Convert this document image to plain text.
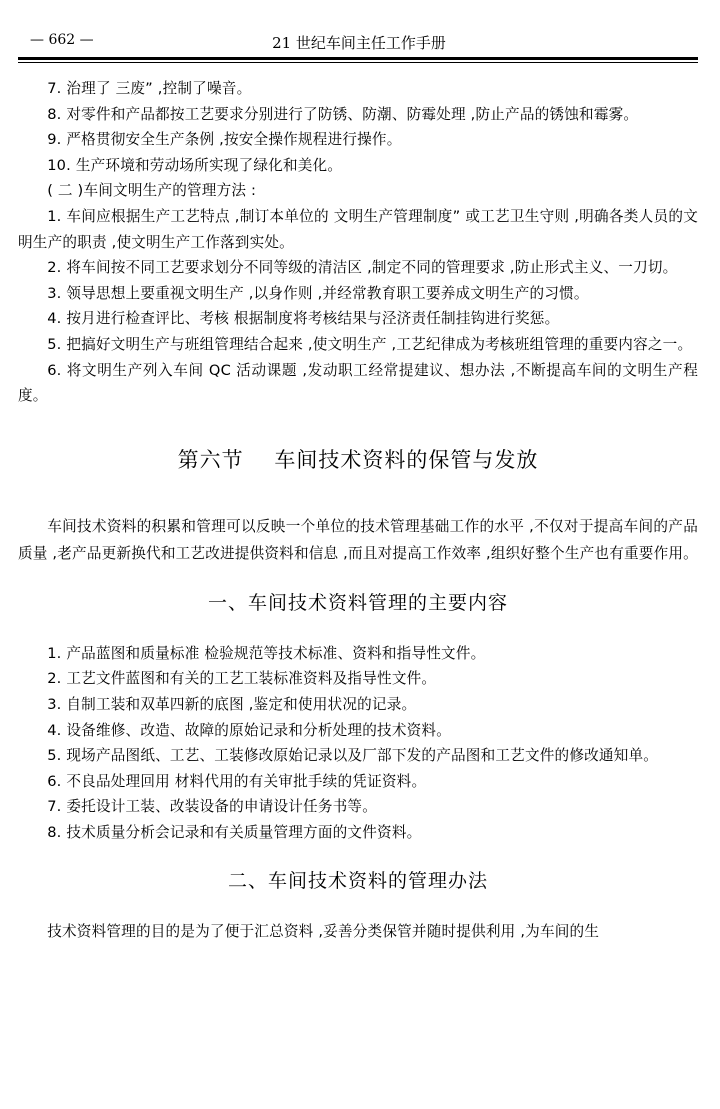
— 662 —	21 世纪车间主任工作手册

7. 治理了 三废” ,控制了噪音。

8. 对零件和产品都按工艺要求分别进行了防锈、防潮、防霉处理 ,防止产品的锈蚀和霉雾。

9. 严格贯彻安全生产条例 ,按安全操作规程进行操作。

10. 生产环境和劳动场所实现了绿化和美化。

( 二 )车间文明生产的管理方法 :

1. 车间应根据生产工艺特点 ,制订本单位的 文明生产管理制度” 或工艺卫生守则 ,明确各类人员的文明生产的职责 ,使文明生产工作落到实处。

2. 将车间按不同工艺要求划分不同等级的清洁区 ,制定不同的管理要求 ,防止形式主义、一刀切。

3. 领导思想上要重视文明生产 ,以身作则 ,并经常教育职工要养成文明生产的习惯。

4. 按月进行检查评比、考核 根据制度将考核结果与泾济责任制挂钩进行奖惩。

5. 把搞好文明生产与班组管理结合起来 ,使文明生产 ,工艺纪律成为考核班组管理的重要内容之一。

6. 将文明生产列入车间 QC 活动课题 ,发动职工经常提建议、想办法 ,不断提高车间的文明生产程度。

第六节    车间技术资料的保管与发放

车间技术资料的积累和管理可以反映一个单位的技术管理基础工作的水平 ,不仅对于提高车间的产品质量 ,老产品更新换代和工艺改进提供资料和信息 ,而且对提高工作效率 ,组织好整个生产也有重要作用。

一、车间技术资料管理的主要内容

1. 产品蓝图和质量标准 检验规范等技术标准、资料和指导性文件。

2. 工艺文件蓝图和有关的工艺工装标准资料及指导性文件。

3. 自制工装和双革四新的底图 ,鉴定和使用状况的记录。

4. 设备维修、改造、故障的原始记录和分析处理的技术资料。

5. 现场产品图纸、工艺、工装修改原始记录以及厂部下发的产品图和工艺文件的修改通知单。

6. 不良品处理回用 材料代用的有关审批手续的凭证资料。

7. 委托设计工装、改装设备的申请设计任务书等。

8. 技术质量分析会记录和有关质量管理方面的文件资料。

二、车间技术资料的管理办法

技术资料管理的目的是为了便于汇总资料 ,妥善分类保管并随时提供利用 ,为车间的生
